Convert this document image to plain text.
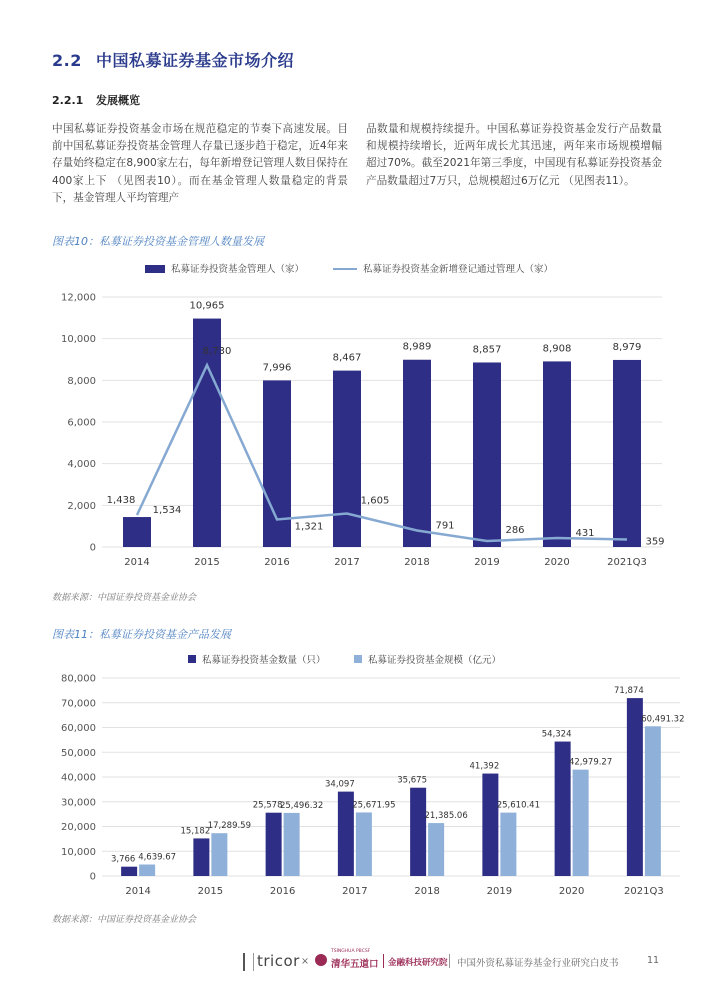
2.2 中国私募证券基金市场介绍
2.2.1 发展概览
中国私募证券投资基金市场在规范稳定的节奏下高速发展。目前中国私募证券投资基金管理人存量已逐步趋于稳定，近4年来存量始终稳定在8,900家左右，每年新增登记管理人数目保持在400家上下 （见图表10）。而在基金管理人数量稳定的背景下，基金管理人平均管理产
品数量和规模持续提升。中国私募证券投资基金发行产品数量和规模持续增长，近两年成长尤其迅速，两年来市场规模增幅超过70%。截至2021年第三季度，中国现有私募证券投资基金产品数量超过7万只，总规模超过6万亿元 （见图表11）。
图表10：私募证券投资基金管理人数量发展
私募证券投资基金管理人（家）	私募证券投资基金新增登记通过管理人（家）
0
2,000
4,000
6,000
8,000
10,000
12,000
2014	2015	2016	2017	2018	2019	2020	2021Q3
1,438
10,965
7,996
8,467
8,989	8,857	8,908	8,979
1,534
8,730
1,321
1,605
791	286	431
359
数据来源：中国证券投资基金业协会
图表11：私募证券投资基金产品发展
私募证券投资基金数量（只）	私募证券投资基金规模（亿元）
0
10,000
20,000
30,000
40,000
50,000
60,000
70,000
80,000
2014	2015	2016	2017	2018	2019	2020	2021Q3
3,766
15,182
25,578
34,097	35,675
41,392
54,324
71,874
4,639.67
17,289.59
25,496.32	25,671.95
21,385.06
25,610.41
42,979.27
60,491.32
数据来源：中国证券投资基金业协会
tricor ×
TSINGHUA PBCSF
清华五道口 金融科技研究院 中国外资私募证券基金行业研究白皮书	11
